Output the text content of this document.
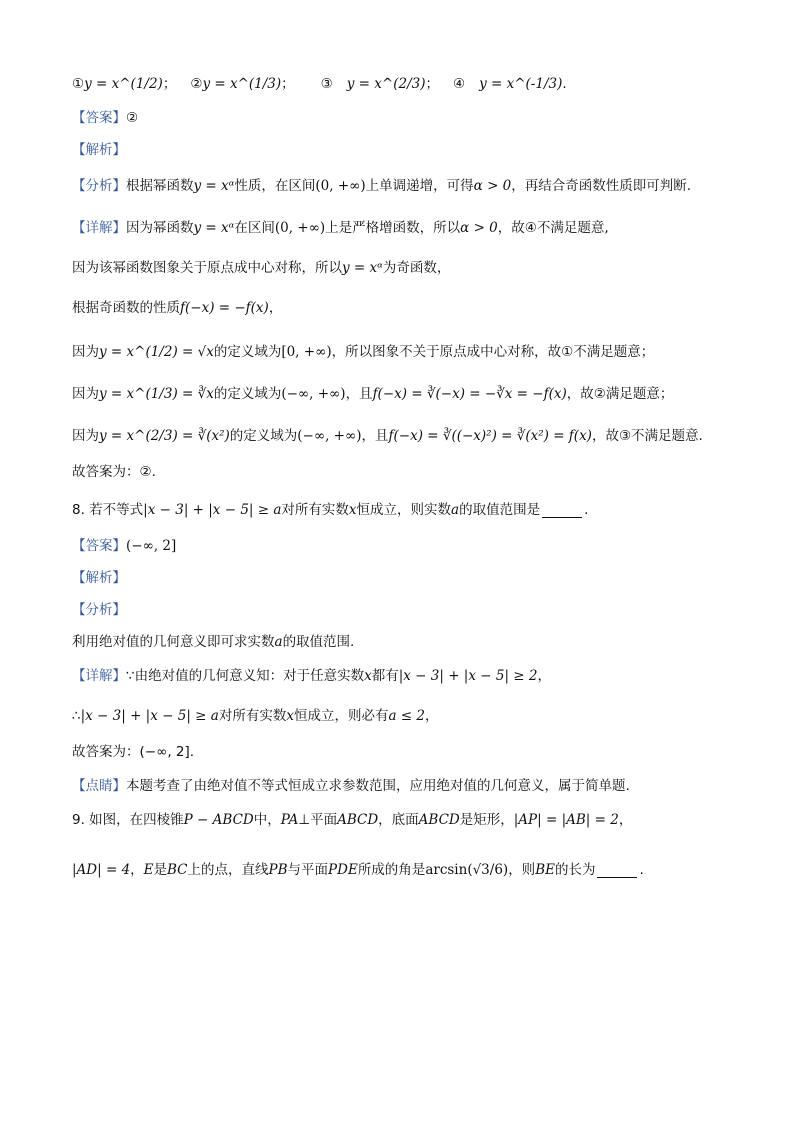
① y = x^(1/2) ； ② y = x^(1/3) ； ③ y = x^(2/3) ； ④ y = x^(-1/3) .
【答案】 ②
【解析】
【分析】 根据幂函数 y = xᵅ 性质，在区间 (0, +∞) 上单调递增，可得 α > 0 ，再结合奇函数性质即可判断.
【详解】 因为幂函数 y = xᵅ 在区间 (0, +∞) 上是严格增函数，所以 α > 0 ，故④不满足题意,
因为该幂函数图象关于原点成中心对称，所以 y = xᵅ 为奇函数，
根据奇函数的性质 f(−x) = −f(x) ，
因为 y = x^(1/2) = √x 的定义域为 [0, +∞) ，所以图象不关于原点成中心对称，故①不满足题意；
因为 y = x^(1/3) = ∛x 的定义域为 (−∞, +∞) ，且 f(−x) = ∛(−x) = −∛x = −f(x) ，故②满足题意；
因为 y = x^(2/3) = ∛(x²) 的定义域为 (−∞, +∞) ，且 f(−x) = ∛((−x)²) = ∛(x²) = f(x) ，故③不满足题意.
故答案为：②.
8. 若不等式 |x − 3| + |x − 5| ≥ a 对所有实数 x 恒成立，则实数 a 的取值范围是	.
【答案】 (−∞, 2]
【解析】
【分析】
利用绝对值的几何意义即可求实数 a 的取值范围.
【详解】 ∵由绝对值的几何意义知：对于任意实数 x 都有 |x − 3| + |x − 5| ≥ 2 ，
∴ |x − 3| + |x − 5| ≥ a 对所有实数 x 恒成立，则必有 a ≤ 2 ，
故答案为：(−∞, 2].
【点睛】 本题考查了由绝对值不等式恒成立求参数范围，应用绝对值的几何意义，属于简单题.
9. 如图，在四棱锥 P − ABCD 中， PA ⊥平面 ABCD ，底面 ABCD 是矩形， |AP| = |AB| = 2 ，
|AD| = 4 ， E 是 BC 上的点，直线 PB 与平面 PDE 所成的角是 arcsin(√3/6) ，则 BE 的长为	.
